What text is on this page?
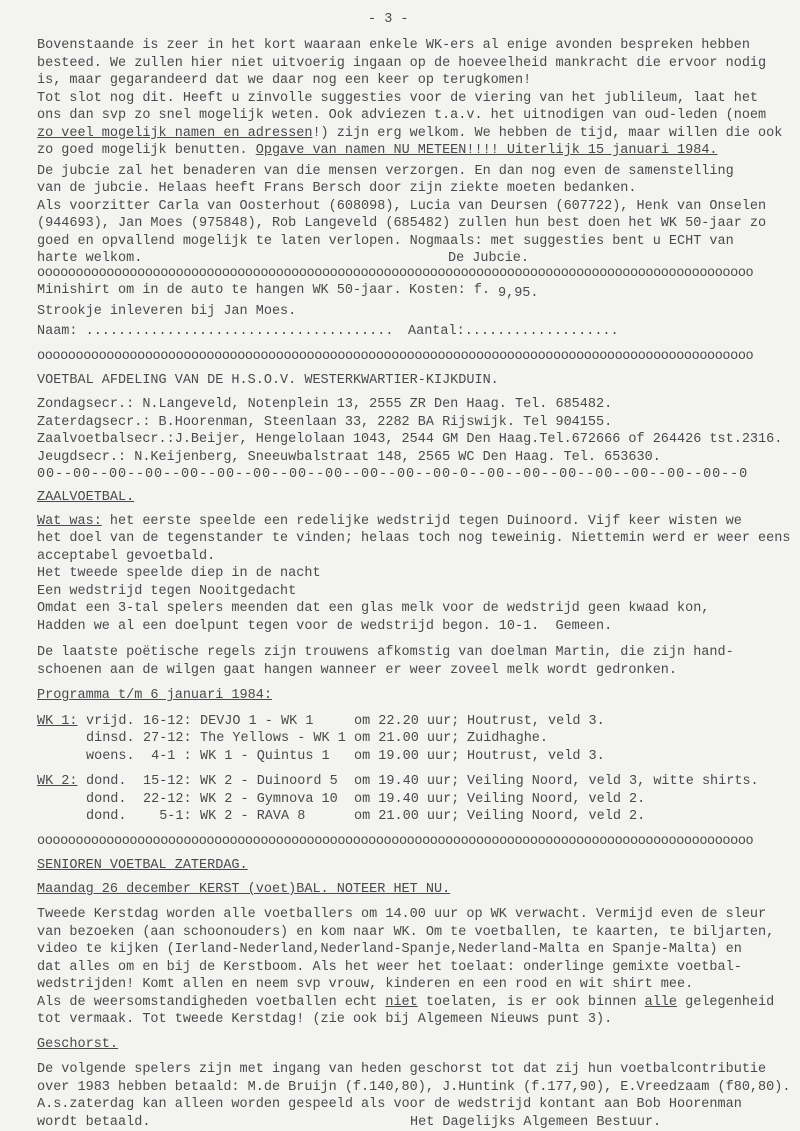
- 3 -
Bovenstaande is zeer in het kort waaraan enkele WK-ers al enige avonden bespreken hebben
besteed. We zullen hier niet uitvoerig ingaan op de hoeveelheid mankracht die ervoor nodig
is, maar gegarandeerd dat we daar nog een keer op terugkomen!
Tot slot nog dit. Heeft u zinvolle suggesties voor de viering van het jublileum, laat het
ons dan svp zo snel mogelijk weten. Ook adviezen t.a.v. het uitnodigen van oud-leden (noem
zo veel mogelijk namen en adressen!) zijn erg welkom. We hebben de tijd, maar willen die ook
zo goed mogelijk benutten. Opgave van namen NU METEEN!!!! Uiterlijk 15 januari 1984.
De jubcie zal het benaderen van die mensen verzorgen. En dan nog even de samenstelling
van de jubcie. Helaas heeft Frans Bersch door zijn ziekte moeten bedanken.
Als voorzitter Carla van Oosterhout (608098), Lucia van Deursen (607722), Henk van Onselen
(944693), Jan Moes (975848), Rob Langeveld (685482) zullen hun best doen het WK 50-jaar zo
goed en opvallend mogelijk te laten verlopen. Nogmaals: met suggesties bent u ECHT van
harte welkom.	De Jubcie.
ooooooooooooooooooooooooooooooooooooooooooooooooooooooooooooooooooooooooooooooooooooooooooooo
Minishirt om in de auto te hangen WK 50-jaar. Kosten: f. 9,95.
Strookje inleveren bij Jan Moes.
Naam: ...................................... Aantal:...................
ooooooooooooooooooooooooooooooooooooooooooooooooooooooooooooooooooooooooooooooooooooooooooooo
VOETBAL AFDELING VAN DE H.S.O.V. WESTERKWARTIER-KIJKDUIN.
Zondagsecr.: N.Langeveld, Notenplein 13, 2555 ZR Den Haag. Tel. 685482.
Zaterdagsecr.: B.Hoorenman, Steenlaan 33, 2282 BA Rijswijk. Tel 904155.
Zaalvoetbalsecr.:J.Beijer, Hengelolaan 1043, 2544 GM Den Haag.Tel.672666 of 264426 tst.2316.
Jeugdsecr.: N.Keijenberg, Sneeuwbalstraat 148, 2565 WC Den Haag. Tel. 653630.
00--00--00--00--00--00--00--00--00--00--00--00-0--00--00--00--00--00--00--00--0
ZAALVOETBAL.
Wat was: het eerste speelde een redelijke wedstrijd tegen Duinoord. Vijf keer wisten we
het doel van de tegenstander te vinden; helaas toch nog teweinig. Niettemin werd er weer eens
acceptabel gevoetbald.
Het tweede speelde diep in de nacht
Een wedstrijd tegen Nooitgedacht
Omdat een 3-tal spelers meenden dat een glas melk voor de wedstrijd geen kwaad kon,
Hadden we al een doelpunt tegen voor de wedstrijd begon. 10-1.  Gemeen.
De laatste poëtische regels zijn trouwens afkomstig van doelman Martin, die zijn hand-
schoenen aan de wilgen gaat hangen wanneer er weer zoveel melk wordt gedronken.
Programma t/m 6 januari 1984:
WK 1: vrijd. 16-12: DEVJO 1 - WK 1	om 22.20 uur; Houtrust, veld 3.
dinsd. 27-12: The Yellows - WK 1 om 21.00 uur; Zuidhaghe.
woens. 4-1 : WK 1 - Quintus 1 om 19.00 uur; Houtrust, veld 3.
WK 2: dond. 15-12: WK 2 - Duinoord 5 om 19.40 uur; Veiling Noord, veld 3, witte shirts.
dond. 22-12: WK 2 - Gymnova 10 om 19.40 uur; Veiling Noord, veld 2.
dond. 5-1: WK 2 - RAVA 8	om 21.00 uur; Veiling Noord, veld 2.
ooooooooooooooooooooooooooooooooooooooooooooooooooooooooooooooooooooooooooooooooooooooooooooo
SENIOREN VOETBAL ZATERDAG.
Maandag 26 december KERST (voet)BAL. NOTEER HET NU.
Tweede Kerstdag worden alle voetballers om 14.00 uur op WK verwacht. Vermijd even de sleur
van bezoeken (aan schoonouders) en kom naar WK. Om te voetballen, te kaarten, te biljarten,
video te kijken (Ierland-Nederland,Nederland-Spanje,Nederland-Malta en Spanje-Malta) en
dat alles om en bij de Kerstboom. Als het weer het toelaat: onderlinge gemixte voetbal-
wedstrijden! Komt allen en neem svp vrouw, kinderen en een rood en wit shirt mee.
Als de weersomstandigheden voetballen echt niet toelaten, is er ook binnen alle gelegenheid
tot vermaak. Tot tweede Kerstdag! (zie ook bij Algemeen Nieuws punt 3).
Geschorst.
De volgende spelers zijn met ingang van heden geschorst tot dat zij hun voetbalcontributie
over 1983 hebben betaald: M.de Bruijn (f.140,80), J.Huntink (f.177,90), E.Vreedzaam (f80,80).
A.s.zaterdag kan alleen worden gespeeld als voor de wedstrijd kontant aan Bob Hoorenman
wordt betaald.	Het Dagelijks Algemeen Bestuur.
